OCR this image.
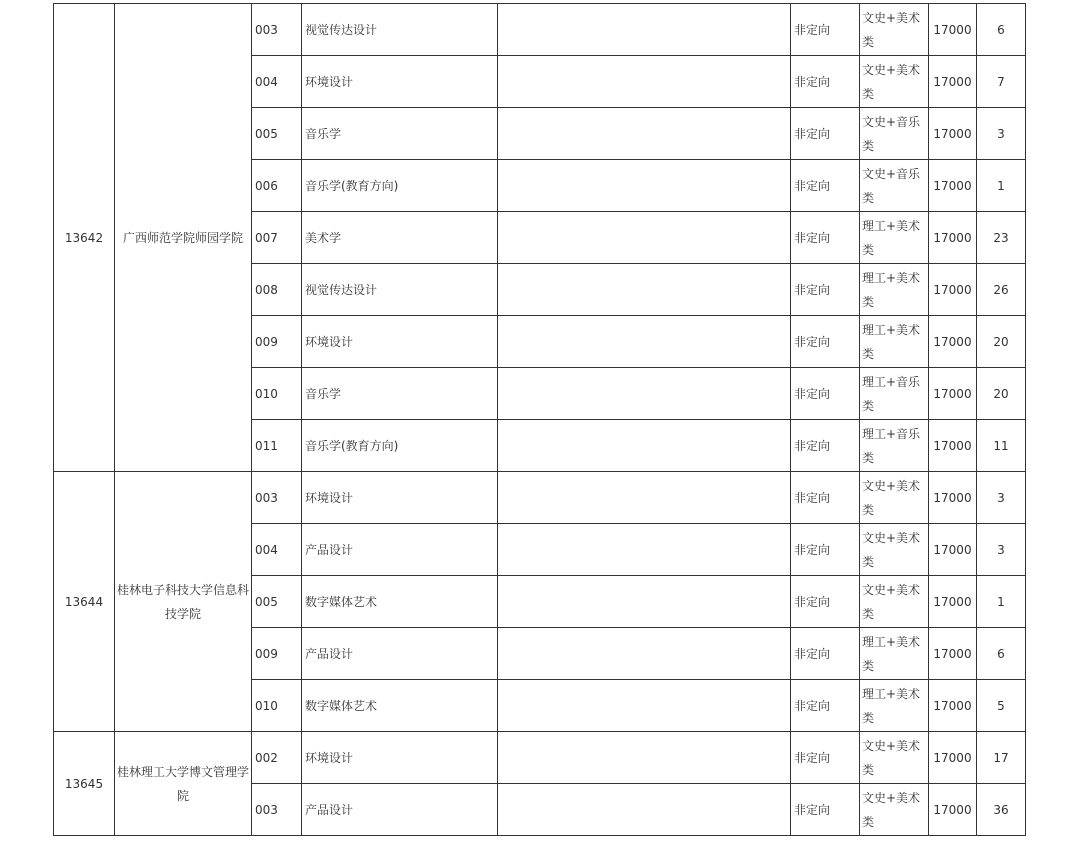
13642	广西师范学院师园学院	003	视觉传达设计		非定向	文史+美术类	17000	6
		004	环境设计		非定向	文史+美术类	17000	7
		005	音乐学		非定向	文史+音乐类	17000	3
		006	音乐学(教育方向)		非定向	文史+音乐类	17000	1
		007	美术学		非定向	理工+美术类	17000	23
		008	视觉传达设计		非定向	理工+美术类	17000	26
		009	环境设计		非定向	理工+美术类	17000	20
		010	音乐学		非定向	理工+音乐类	17000	20
		011	音乐学(教育方向)		非定向	理工+音乐类	17000	11
13644	桂林电子科技大学信息科技学院	003	环境设计		非定向	文史+美术类	17000	3
		004	产品设计		非定向	文史+美术类	17000	3
		005	数字媒体艺术		非定向	文史+美术类	17000	1
		009	产品设计		非定向	理工+美术类	17000	6
		010	数字媒体艺术		非定向	理工+美术类	17000	5
13645	桂林理工大学博文管理学院	002	环境设计		非定向	文史+美术类	17000	17
		003	产品设计		非定向	文史+美术类	17000	36
